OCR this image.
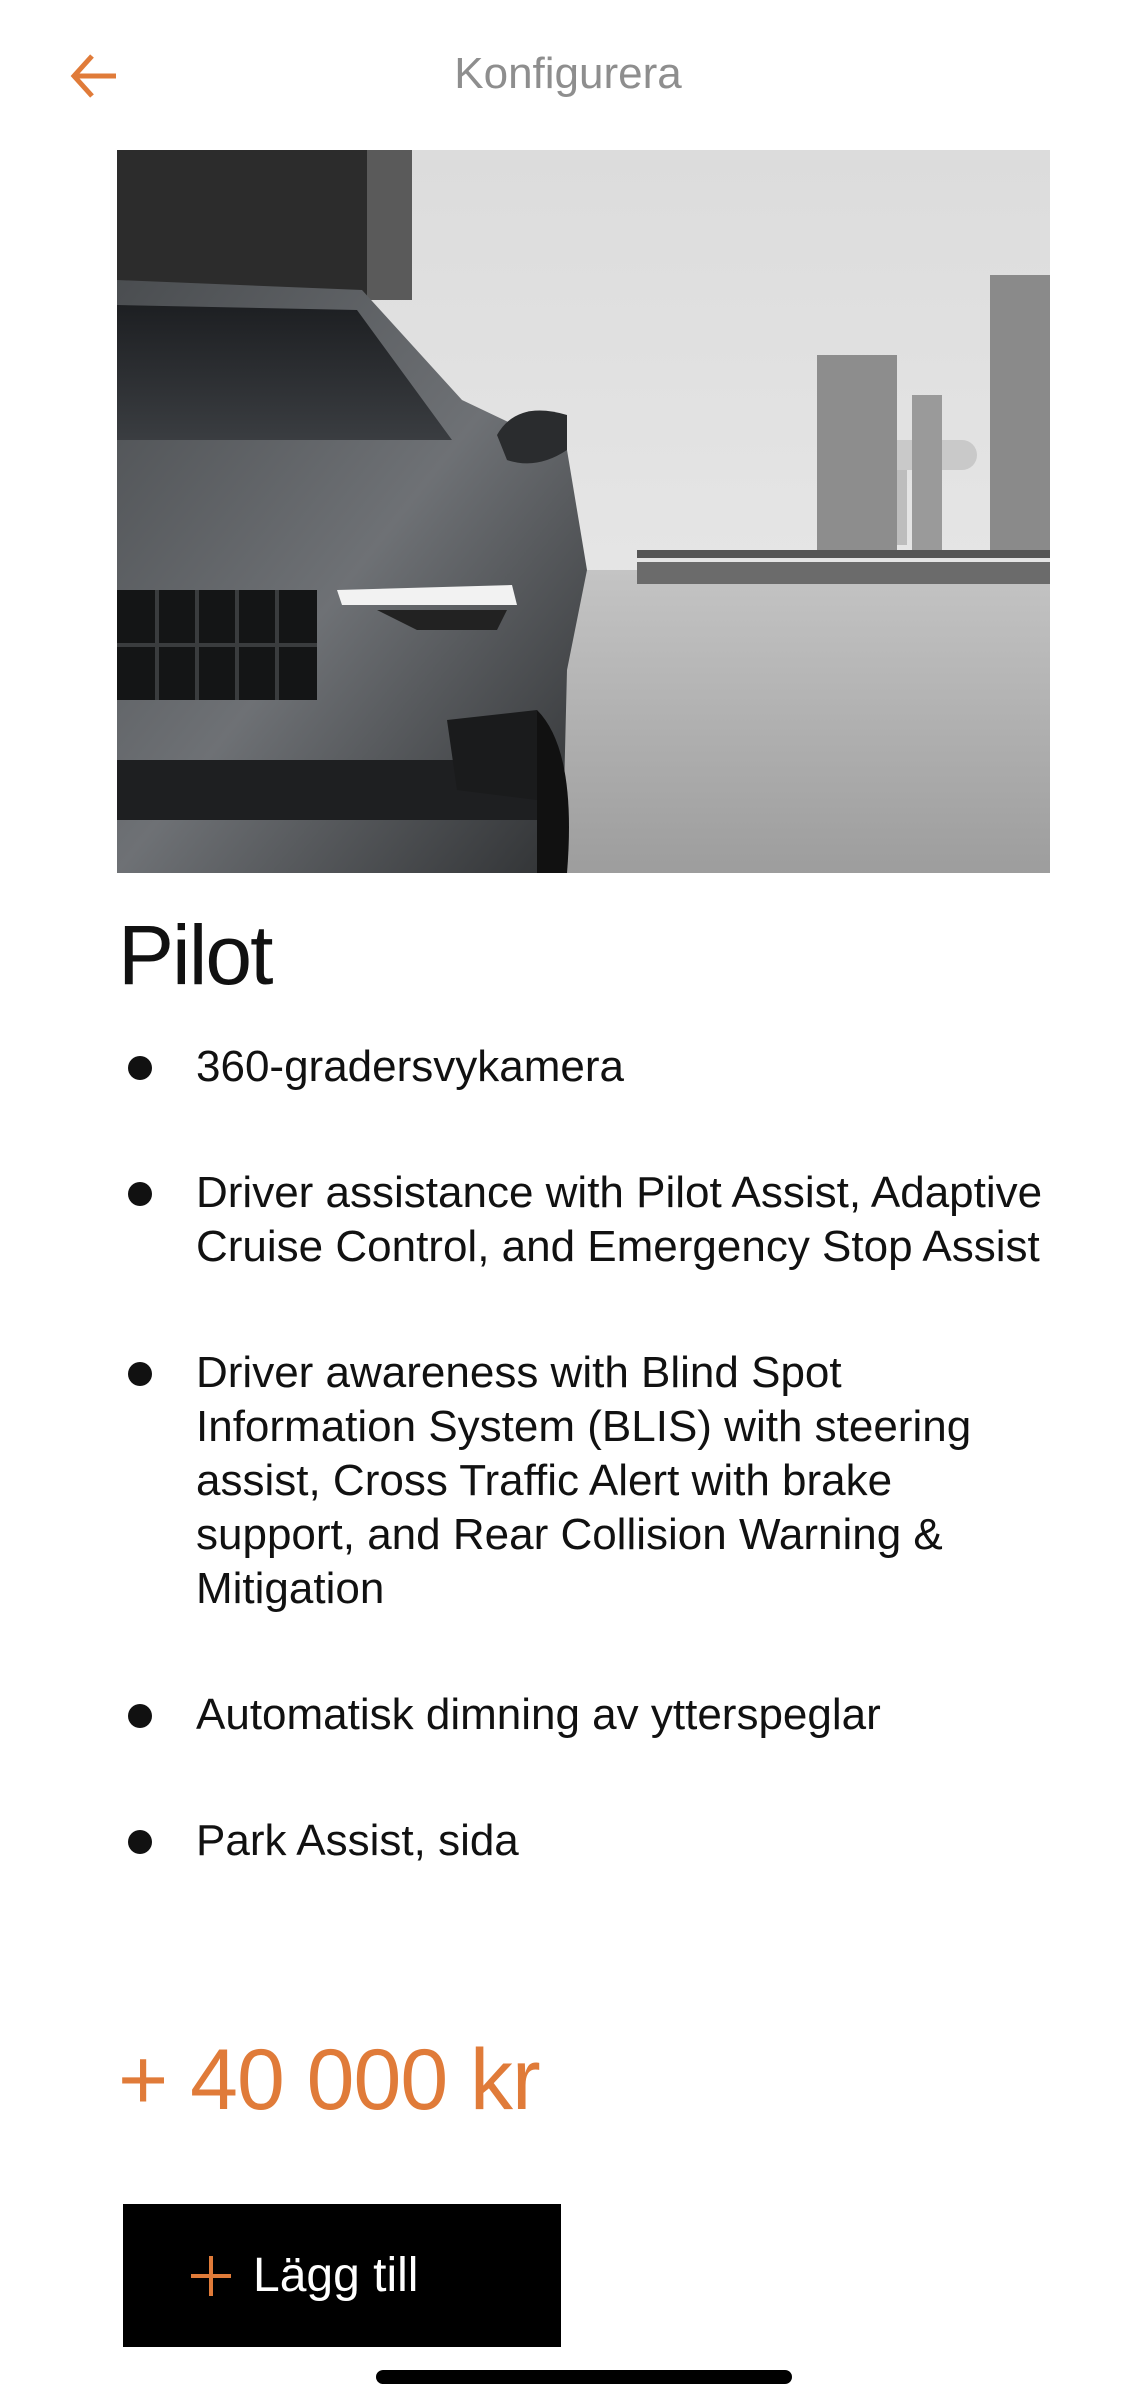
Konfigurera
Pilot
360-gradersvykamera
Driver assistance with Pilot Assist, Adaptive Cruise Control, and Emergency Stop Assist
Driver awareness with Blind Spot Information System (BLIS) with steering assist, Cross Traffic Alert with brake support, and Rear Collision Warning & Mitigation
Automatisk dimning av ytterspeglar
Park Assist, sida
+ 40 000 kr
Lägg till
